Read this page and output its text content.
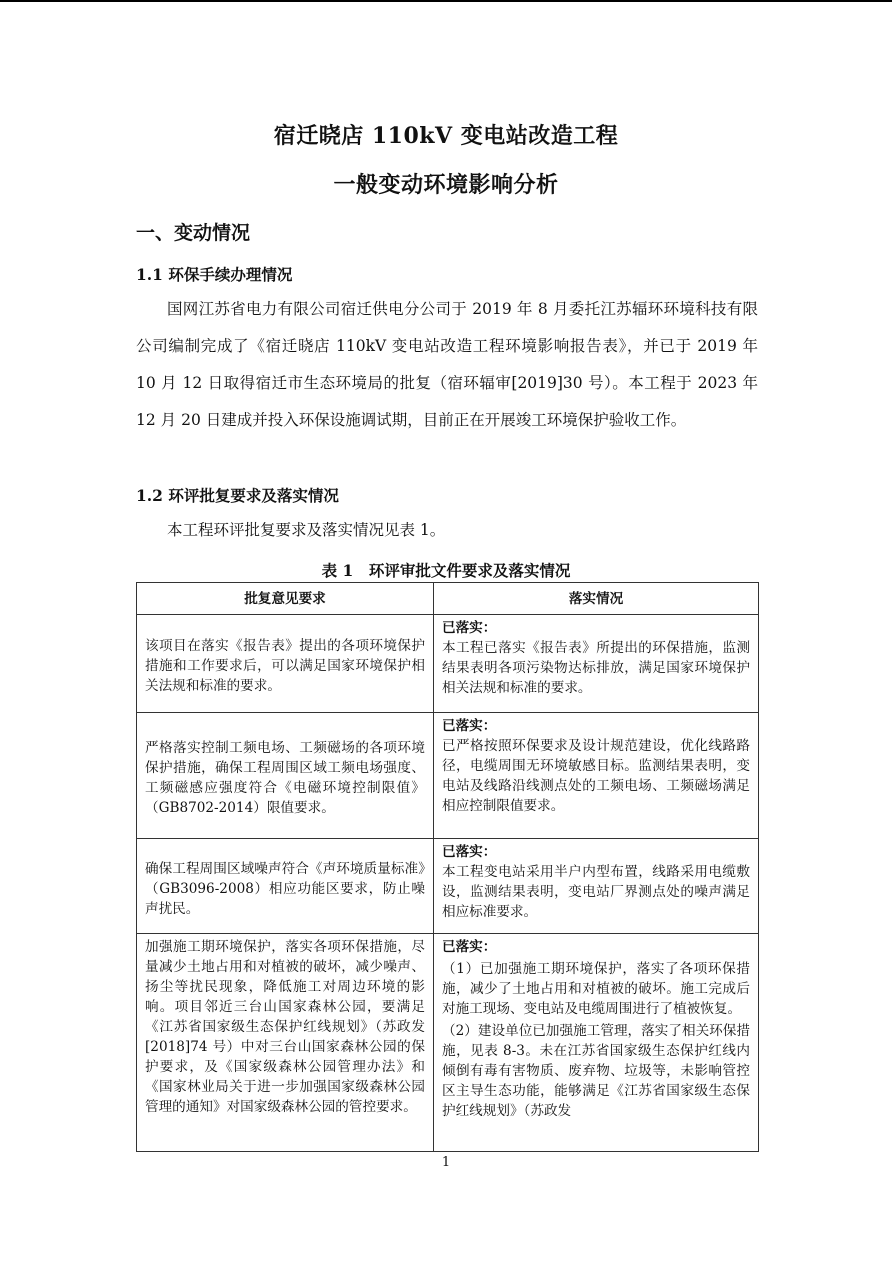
宿迁晓店 110kV 变电站改造工程
一般变动环境影响分析
一、变动情况
1.1 环保手续办理情况

国网江苏省电力有限公司宿迁供电分公司于 2019 年 8 月委托江苏辐环环境科技有限公司编制完成了《宿迁晓店 110kV 变电站改造工程环境影响报告表》，并已于 2019 年 10 月 12 日取得宿迁市生态环境局的批复（宿环辐审[2019]30 号）。本工程于 2023 年 12 月 20 日建成并投入环保设施调试期，目前正在开展竣工环境保护验收工作。

1.2 环评批复要求及落实情况

本工程环评批复要求及落实情况见表 1。

表 1　环评审批文件要求及落实情况
批复意见要求	落实情况
该项目在落实《报告表》提出的各项环境保护措施和工作要求后，可以满足国家环境保护相关法规和标准的要求。	已落实：
本工程已落实《报告表》所提出的环保措施，监测结果表明各项污染物达标排放，满足国家环境保护相关法规和标准的要求。

严格落实控制工频电场、工频磁场的各项环境保护措施，确保工程周围区域工频电场强度、工频磁感应强度符合《电磁环境控制限值》（GB8702-2014）限值要求。	已落实：
已严格按照环保要求及设计规范建设，优化线路路径，电缆周围无环境敏感目标。监测结果表明，变电站及线路沿线测点处的工频电场、工频磁场满足相应控制限值要求。

确保工程周围区域噪声符合《声环境质量标准》（GB3096-2008）相应功能区要求，防止噪声扰民。	已落实：
本工程变电站采用半户内型布置，线路采用电缆敷设，监测结果表明，变电站厂界测点处的噪声满足相应标准要求。

加强施工期环境保护，落实各项环保措施，尽量减少土地占用和对植被的破坏，减少噪声、扬尘等扰民现象，降低施工对周边环境的影响。项目邻近三台山国家森林公园，要满足《江苏省国家级生态保护红线规划》（苏政发[2018]74 号）中对三台山国家森林公园的保护要求，及《国家级森林公园管理办法》和《国家林业局关于进一步加强国家级森林公园管理的通知》对国家级森林公园的管控要求。	已落实：
（1）已加强施工期环境保护，落实了各项环保措施，减少了土地占用和对植被的破坏。施工完成后对施工现场、变电站及电缆周围进行了植被恢复。
（2）建设单位已加强施工管理，落实了相关环保措施，见表 8-3。未在江苏省国家级生态保护红线内倾倒有毒有害物质、废弃物、垃圾等，未影响管控区主导生态功能，能够满足《江苏省国家级生态保护红线规划》（苏政发
1
